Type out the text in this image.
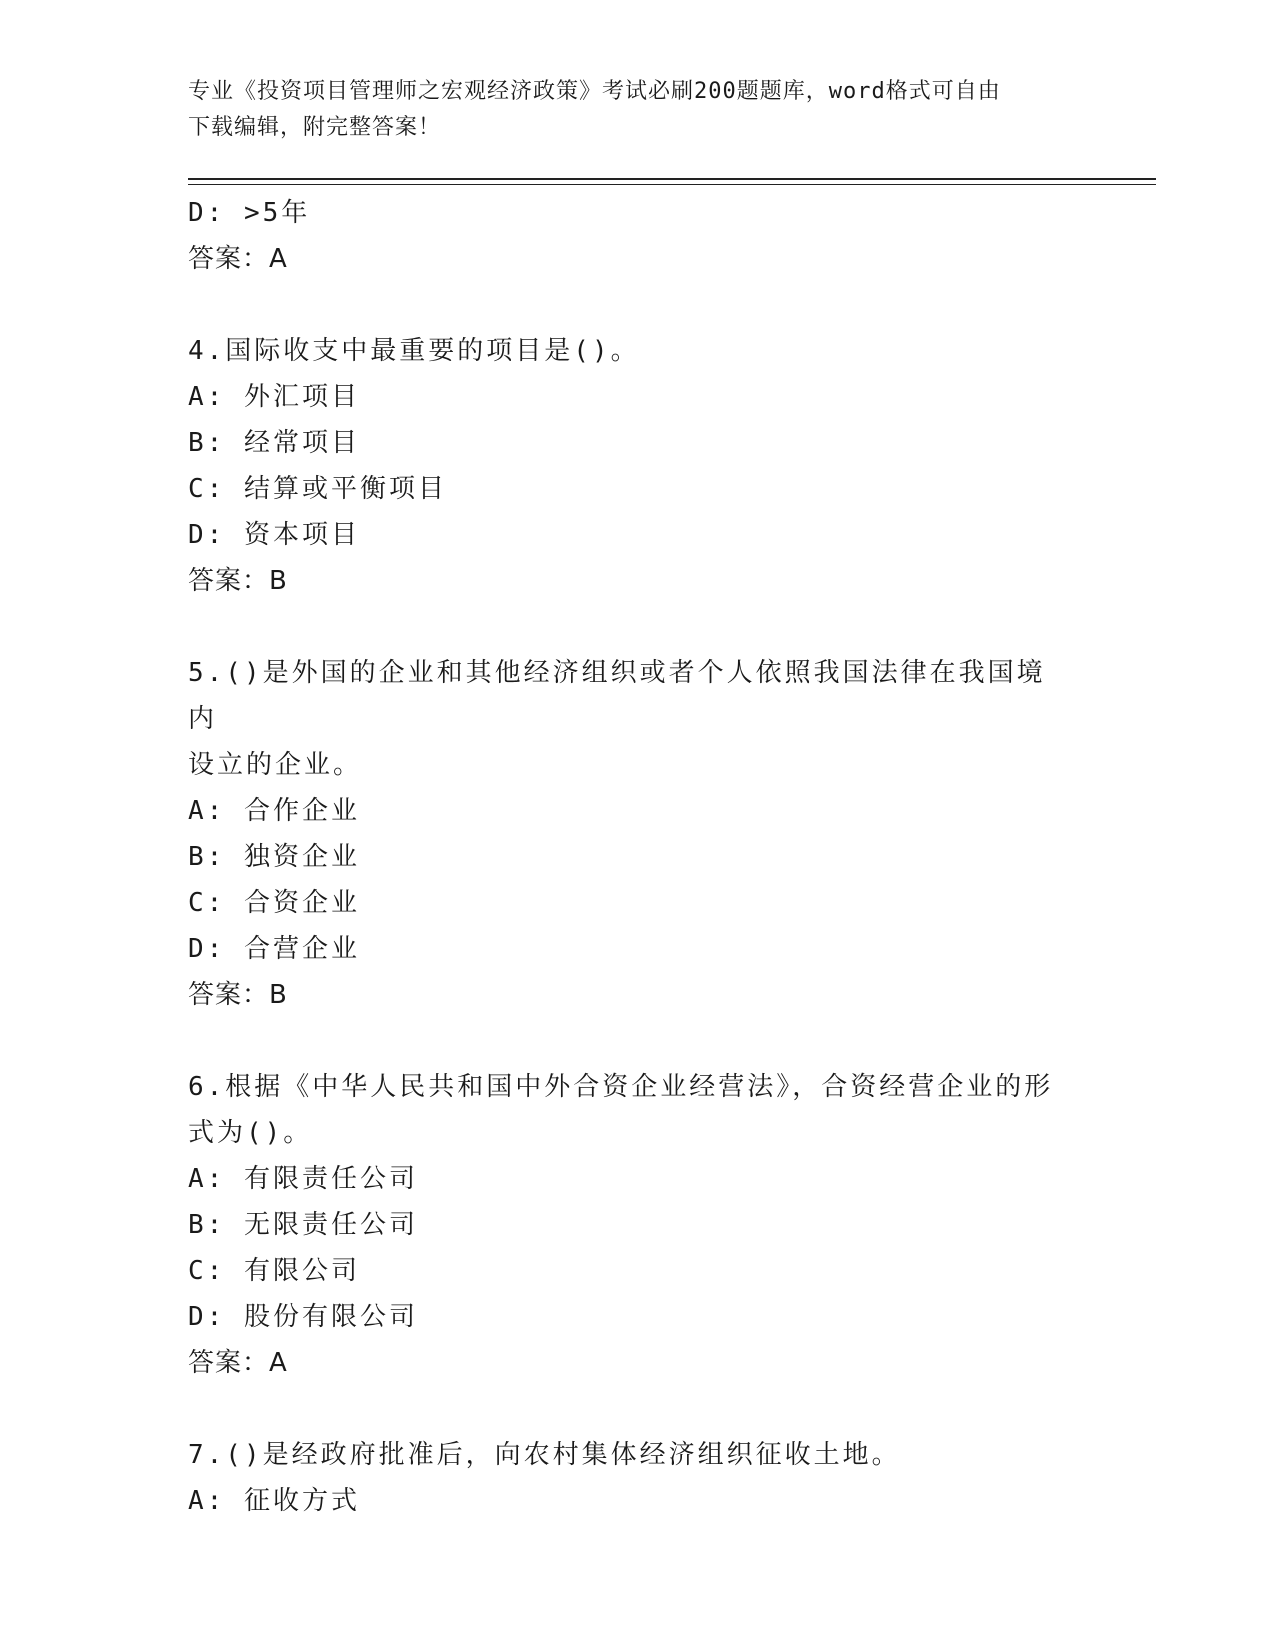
专业《投资项目管理师之宏观经济政策》考试必刷200题题库，word格式可自由
下载编辑，附完整答案！
D: >5年
答案：A
4.国际收支中最重要的项目是()。
A: 外汇项目
B: 经常项目
C: 结算或平衡项目
D: 资本项目
答案：B
5.()是外国的企业和其他经济组织或者个人依照我国法律在我国境内
设立的企业。
A: 合作企业
B: 独资企业
C: 合资企业
D: 合营企业
答案：B
6.根据《中华人民共和国中外合资企业经营法》，合资经营企业的形
式为()。
A: 有限责任公司
B: 无限责任公司
C: 有限公司
D: 股份有限公司
答案：A
7.()是经政府批准后，向农村集体经济组织征收土地。
A: 征收方式
